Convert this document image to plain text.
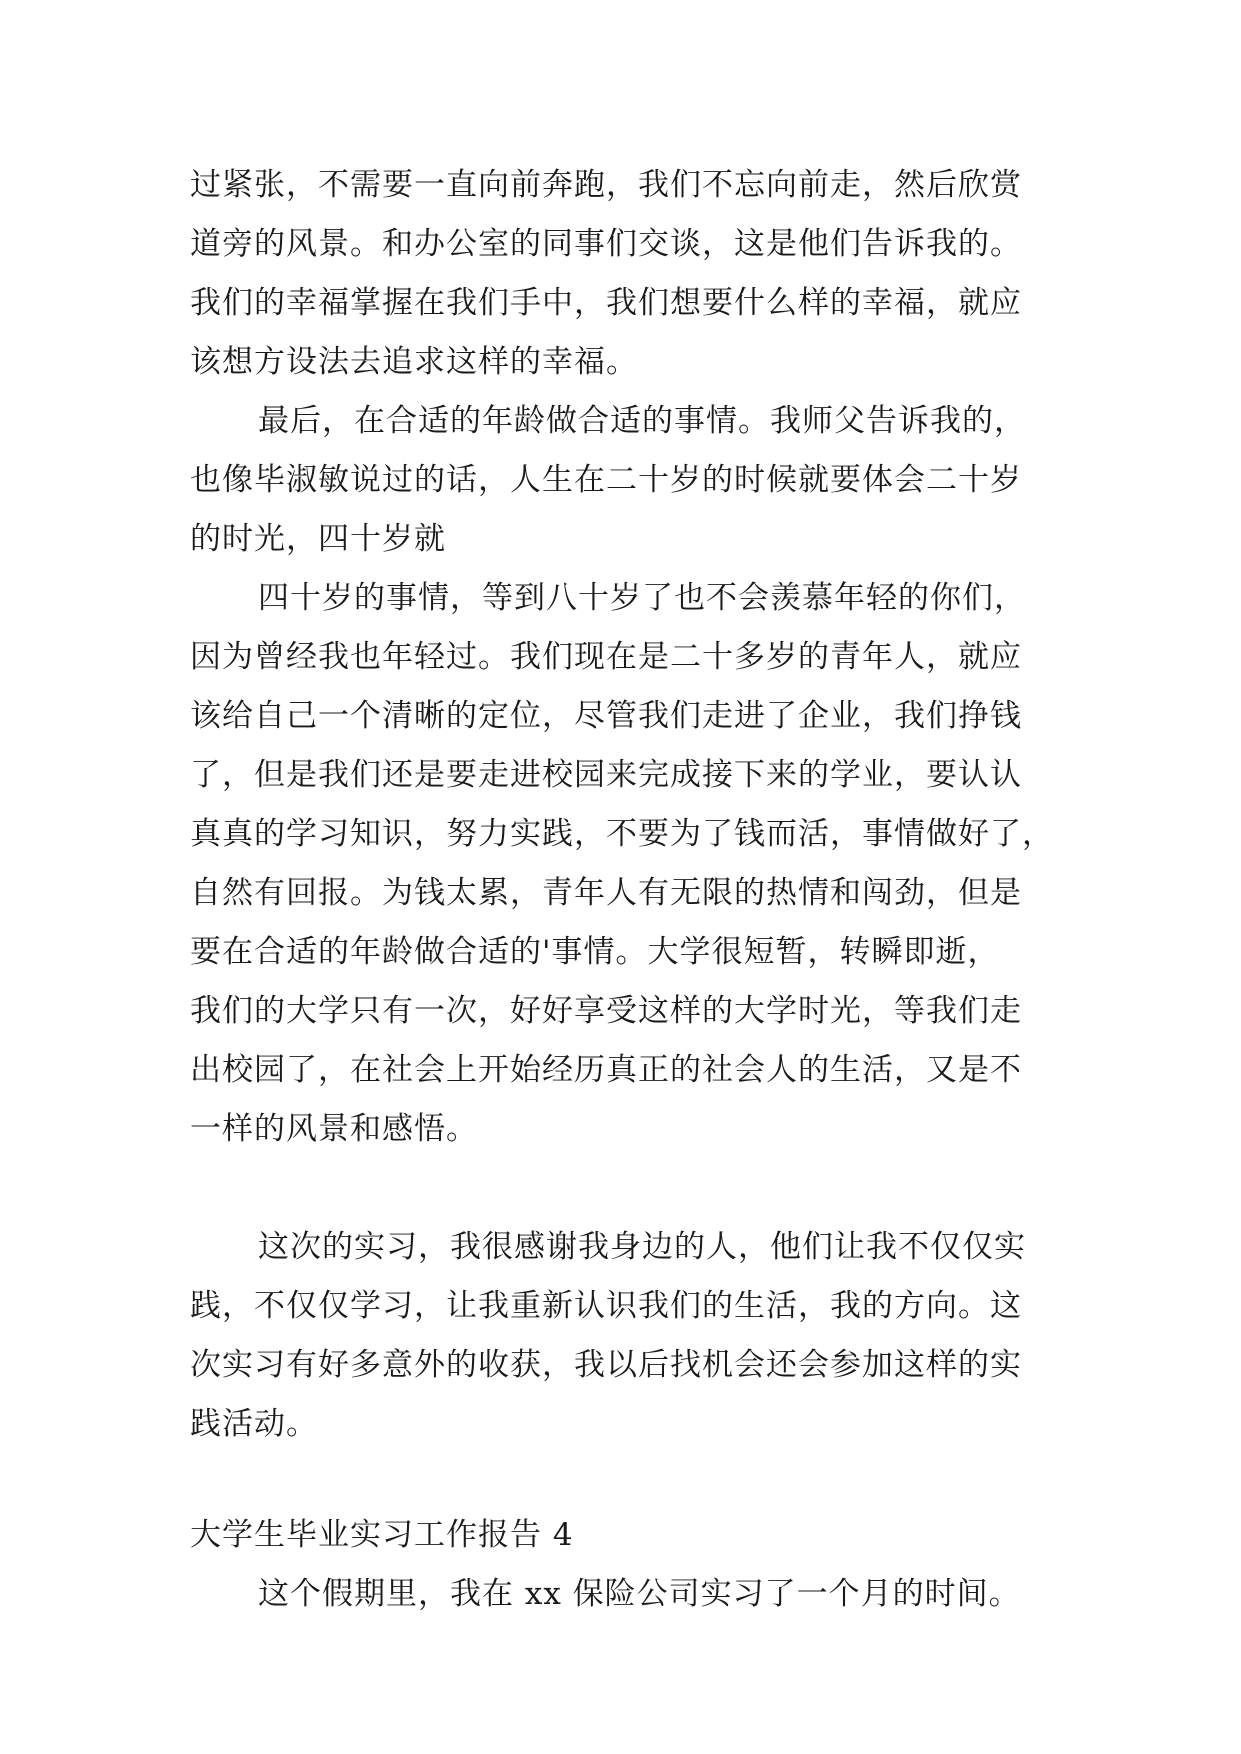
过紧张，不需要一直向前奔跑，我们不忘向前走，然后欣赏
道旁的风景。和办公室的同事们交谈，这是他们告诉我的。
我们的幸福掌握在我们手中，我们想要什么样的幸福，就应
该想方设法去追求这样的幸福。
最后，在合适的年龄做合适的事情。我师父告诉我的，
也像毕淑敏说过的话，人生在二十岁的时候就要体会二十岁
的时光，四十岁就
四十岁的事情，等到八十岁了也不会羡慕年轻的你们，
因为曾经我也年轻过。我们现在是二十多岁的青年人，就应
该给自己一个清晰的定位，尽管我们走进了企业，我们挣钱
了，但是我们还是要走进校园来完成接下来的学业，要认认
真真的学习知识，努力实践，不要为了钱而活，事情做好了，
自然有回报。为钱太累，青年人有无限的热情和闯劲，但是
要在合适的年龄做合适的'事情。大学很短暂，转瞬即逝，
我们的大学只有一次，好好享受这样的大学时光，等我们走
出校园了，在社会上开始经历真正的社会人的生活，又是不
一样的风景和感悟。
这次的实习，我很感谢我身边的人，他们让我不仅仅实
践，不仅仅学习，让我重新认识我们的生活，我的方向。这
次实习有好多意外的收获，我以后找机会还会参加这样的实
践活动。
大学生毕业实习工作报告 4
这个假期里，我在 xx 保险公司实习了一个月的时间。
